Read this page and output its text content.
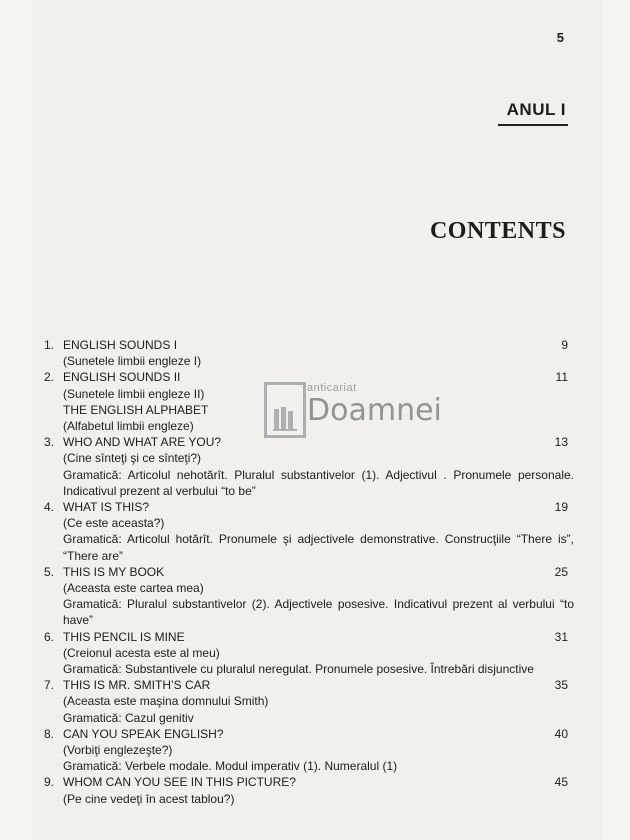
5
ANUL I
CONTENTS
1. ENGLISH SOUNDS I
(Sunetele limbii engleze I)
9
2. ENGLISH SOUNDS II
(Sunetele limbii engleze II)
THE ENGLISH ALPHABET
(Alfabetul limbii engleze)
11
3. WHO AND WHAT ARE YOU?
(Cine sînteţi şi ce sînteţi?)
Gramatică: Articolul nehotărît. Pluralul substantivelor (1). Adjectivul . Pronumele personale. Indicativul prezent al verbului “to be”
13
4. WHAT IS THIS?
(Ce este aceasta?)
Gramatică: Articolul hotărît. Pronumele şi adjectivele demonstrative. Construcţiile “There is”, “There are”
19
5. THIS IS MY BOOK
(Aceasta este cartea mea)
Gramatică: Pluralul substantivelor (2). Adjectivele posesive. Indicativul prezent al verbului “to have”
25
6. THIS PENCIL IS MINE
(Creionul acesta este al meu)
Gramatică: Substantivele cu pluralul neregulat. Pronumele posesive. Întrebări disjunctive
31
7. THIS IS MR. SMITH’S CAR
(Aceasta este maşina domnului Smith)
Gramatică: Cazul genitiv
35
8. CAN YOU SPEAK ENGLISH?
(Vorbiţi englezeşte?)
Gramatică: Verbele modale. Modul imperativ (1). Numeralul (1)
40
9. WHOM CAN YOU SEE IN THIS PICTURE?
(Pe cine vedeţi în acest tablou?)
45
anticariat
Doamnei
